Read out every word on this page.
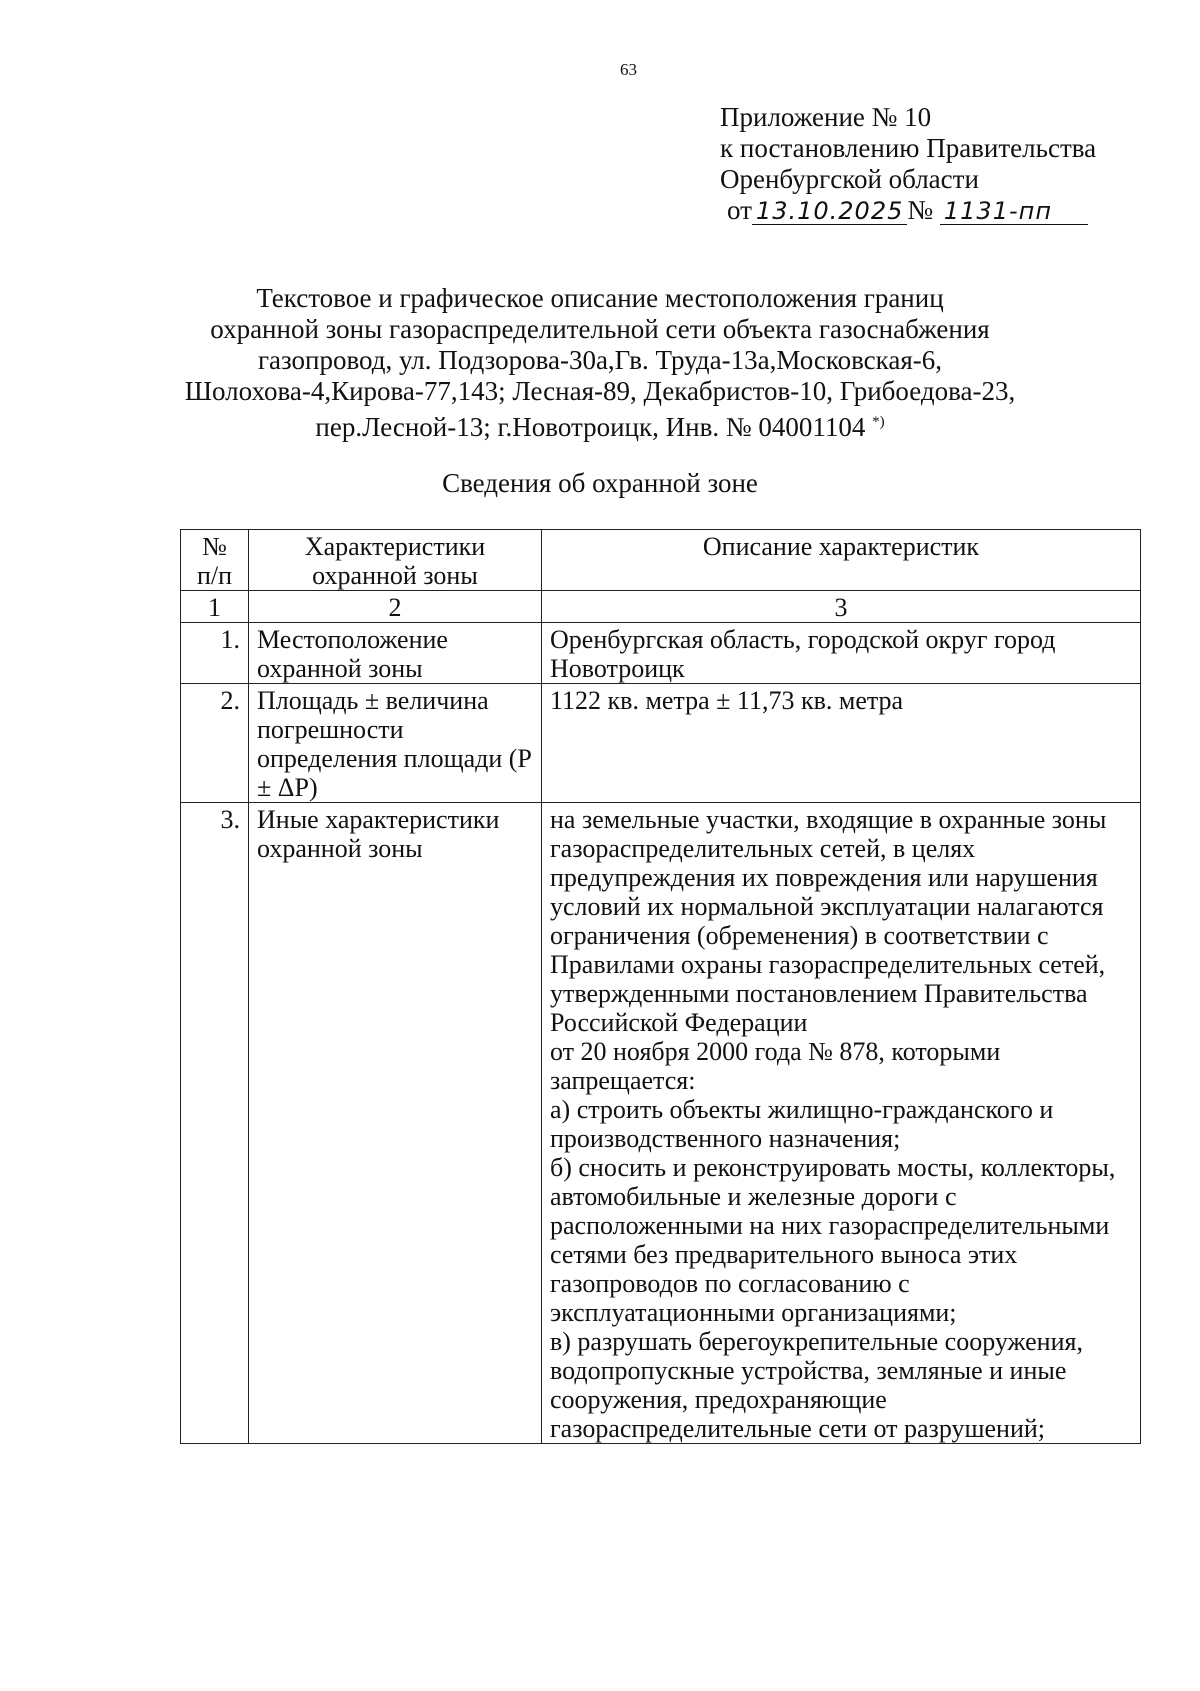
63
Приложение № 10
к постановлению Правительства
Оренбургской области
от 13.10.2025 № 1131-пп
Текстовое и графическое описание местоположения границ
охранной зоны газораспределительной сети объекта газоснабжения
газопровод, ул. Подзорова-30а,Гв. Труда-13а,Московская-6,
Шолохова-4,Кирова-77,143; Лесная-89, Декабристов-10, Грибоедова-23,
пер.Лесной-13; г.Новотроицк, Инв. № 04001104 *)
Сведения об охранной зоне
№ п/п	Характеристики охранной зоны	Описание характеристик
1	2	3
1.	Местоположение охранной зоны	Оренбургская область, городской округ город Новотроицк

2.	Площадь ± величина погрешности определения площади (P ± ΔP)	1122 кв. метра ± 11,73 кв. метра

3.	Иные характеристики охранной зоны	на земельные участки, входящие в охранные зоны газораспределительных сетей, в целях предупреждения их повреждения или нарушения условий их нормальной эксплуатации налагаются ограничения (обременения) в соответствии с Правилами охраны газораспределительных сетей, утвержденными постановлением Правительства Российской Федерации
от 20 ноября 2000 года № 878, которыми запрещается:
а) строить объекты жилищно-гражданского и производственного назначения;
б) сносить и реконструировать мосты, коллекторы, автомобильные и железные дороги с расположенными на них газораспределительными сетями без предварительного выноса этих газопроводов по согласованию с эксплуатационными организациями;
в) разрушать берегоукрепительные сооружения, водопропускные устройства, земляные и иные сооружения, предохраняющие газораспределительные сети от разрушений;
